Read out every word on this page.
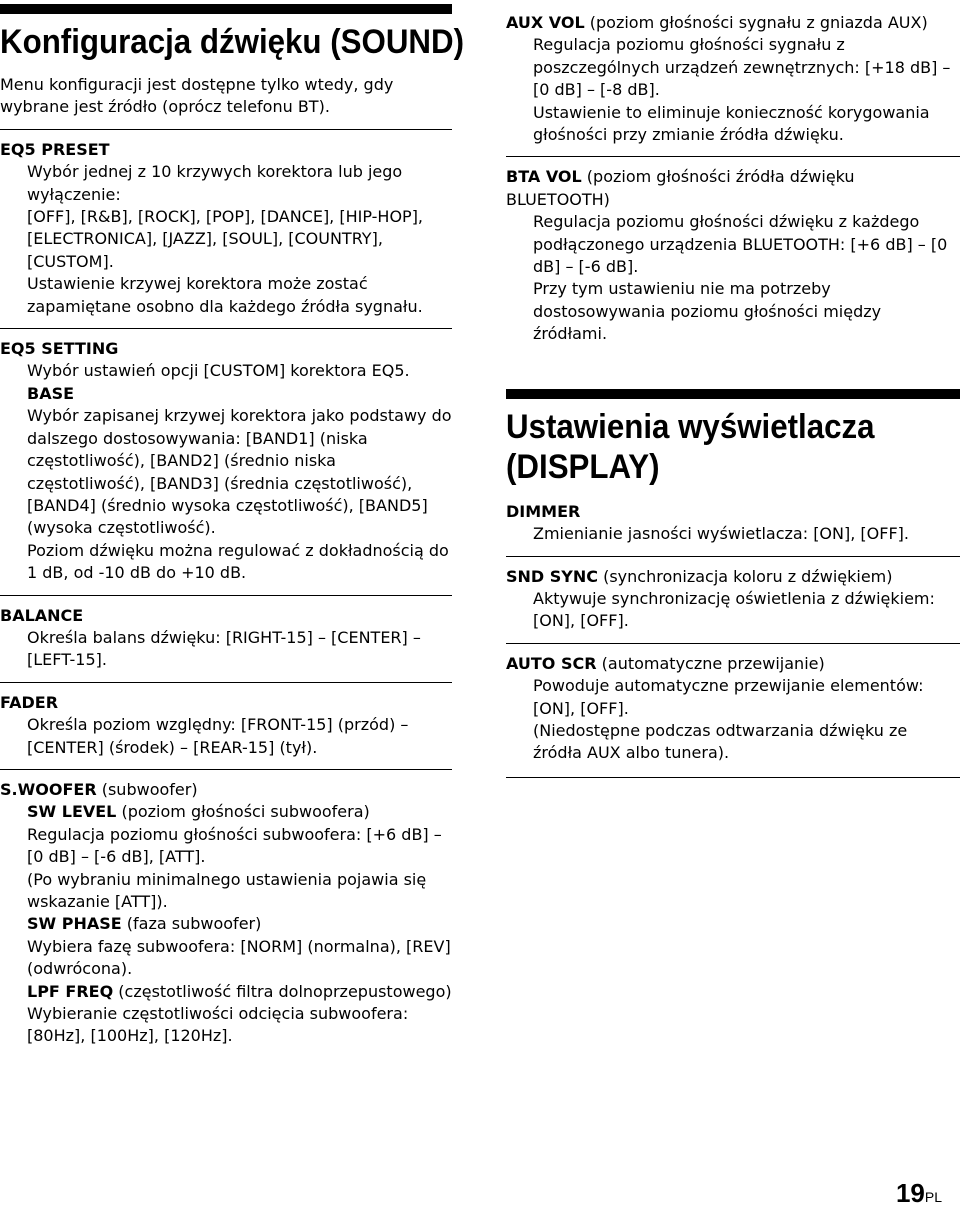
Konfiguracja dźwięku (SOUND)

Menu konfiguracji jest dostępne tylko wtedy, gdy wybrane jest źródło (oprócz telefonu BT).

EQ5 PRESET

Wybór jednej z 10 krzywych korektora lub jego wyłączenie:

[OFF], [R&B], [ROCK], [POP], [DANCE], [HIP-HOP], [ELECTRONICA], [JAZZ], [SOUL], [COUNTRY], [CUSTOM].

Ustawienie krzywej korektora może zostać zapamiętane osobno dla każdego źródła sygnału.

EQ5 SETTING

Wybór ustawień opcji [CUSTOM] korektora EQ5.

BASE

Wybór zapisanej krzywej korektora jako podstawy do dalszego dostosowywania: [BAND1] (niska częstotliwość), [BAND2] (średnio niska częstotliwość), [BAND3] (średnia częstotliwość), [BAND4] (średnio wysoka częstotliwość), [BAND5] (wysoka częstotliwość).

Poziom dźwięku można regulować z dokładnością do 1 dB, od -10 dB do +10 dB.

BALANCE

Określa balans dźwięku: [RIGHT-15] – [CENTER] – [LEFT-15].

FADER

Określa poziom względny: [FRONT-15] (przód) – [CENTER] (środek) – [REAR-15] (tył).

S.WOOFER (subwoofer)

SW LEVEL (poziom głośności subwoofera)

Regulacja poziomu głośności subwoofera: [+6 dB] – [0 dB] – [-6 dB], [ATT].

(Po wybraniu minimalnego ustawienia pojawia się wskazanie [ATT]).

SW PHASE (faza subwoofer)

Wybiera fazę subwoofera: [NORM] (normalna), [REV] (odwrócona).

LPF FREQ (częstotliwość filtra dolnoprzepustowego)

Wybieranie częstotliwości odcięcia subwoofera: [80Hz], [100Hz], [120Hz].

AUX VOL (poziom głośności sygnału z gniazda AUX)

Regulacja poziomu głośności sygnału z poszczególnych urządzeń zewnętrznych: [+18 dB] – [0 dB] – [-8 dB].

Ustawienie to eliminuje konieczność korygowania głośności przy zmianie źródła dźwięku.

BTA VOL (poziom głośności źródła dźwięku BLUETOOTH)

Regulacja poziomu głośności dźwięku z każdego podłączonego urządzenia BLUETOOTH: [+6 dB] – [0 dB] – [-6 dB].

Przy tym ustawieniu nie ma potrzeby dostosowywania poziomu głośności między źródłami.

Ustawienia wyświetlacza (DISPLAY)

DIMMER

Zmienianie jasności wyświetlacza: [ON], [OFF].

SND SYNC (synchronizacja koloru z dźwiękiem)

Aktywuje synchronizację oświetlenia z dźwiękiem: [ON], [OFF].

AUTO SCR (automatyczne przewijanie)

Powoduje automatyczne przewijanie elementów: [ON], [OFF].

(Niedostępne podczas odtwarzania dźwięku ze źródła AUX albo tunera).

19PL
